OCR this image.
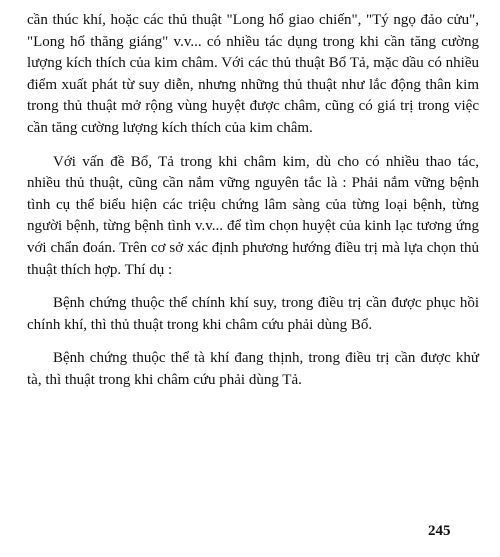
cần thúc khí, hoặc các thủ thuật "Long hổ giao chiến", "Tý ngọ đảo cửu", "Long hổ thăng giáng" v.v... có nhiều tác dụng trong khi cần tăng cường lượng kích thích của kim châm. Với các thủ thuật Bổ Tả, mặc dầu có nhiều điểm xuất phát từ suy diễn, nhưng những thủ thuật như lắc động thân kim trong thủ thuật mở rộng vùng huyệt được châm, cũng có giá trị trong việc cần tăng cường lượng kích thích của kim châm.

Với vấn đề Bổ, Tả trong khi châm kim, dù cho có nhiều thao tác, nhiều thủ thuật, cũng cần nắm vững nguyên tắc là : Phải nắm vững bệnh tình cụ thể biểu hiện các triệu chứng lâm sàng của từng loại bệnh, từng người bệnh, từng bệnh tình v.v... để tìm chọn huyệt của kinh lạc tương ứng với chẩn đoán. Trên cơ sở xác định phương hướng điều trị mà lựa chọn thủ thuật thích hợp. Thí dụ :

Bệnh chứng thuộc thể chính khí suy, trong điều trị cần được phục hồi chính khí, thì thủ thuật trong khi châm cứu phải dùng Bổ.

Bệnh chứng thuộc thể tà khí đang thịnh, trong điều trị cần được khử tà, thì thuật trong khi châm cứu phải dùng Tả.

245
